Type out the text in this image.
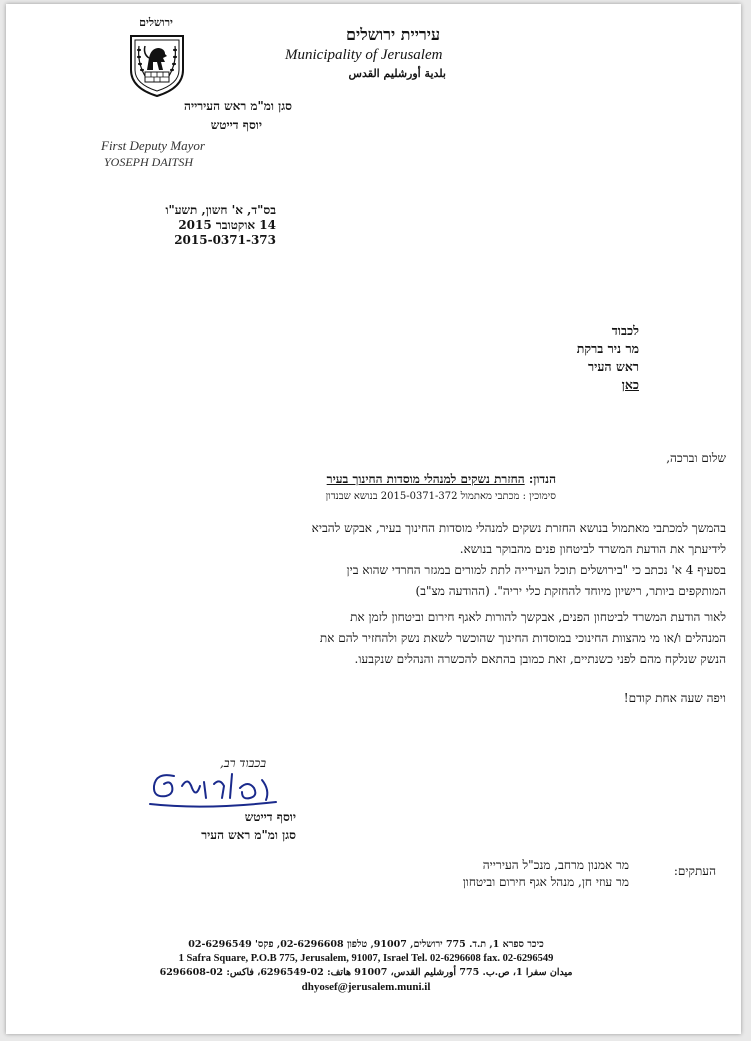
ירושלים
עיריית ירושלים
Municipality of Jerusalem
بلدية أورشليم القدس
סגן ומ"מ ראש העירייה
יוסף דייטש
First Deputy Mayor
YOSEPH DAITSH
בס"ד, א' חשון, תשע"ו
14 אוקטובר 2015
2015-0371-373
לכבוד
מר ניר ברקת
ראש העיר
כאן
שלום וברכה,
הנדון: החזרת נשקים למנהלי מוסדות החינוך בעיר
סימוכין : מכתבי מאתמול 2015-0371-372 בנושא שבנדון
בהמשך למכתבי מאתמול בנושא החזרת נשקים למנהלי מוסדות החינוך בעיר, אבקש להביא
לידיעתך את הודעת המשרד לביטחון פנים מהבוקר בנושא.
בסעיף 4 א' נכתב כי "בירושלים תוכל העירייה לתת למורים במגזר החרדי שהוא בין
המותקפים ביותר, רישיון מיוחד להחזקת כלי יריה". (ההודעה מצ"ב)
לאור הודעת המשרד לביטחון הפנים, אבקשך להורות לאגף חירום וביטחון לזמן את
המנהלים ו/או מי מהצוות החינוכי במוסדות החינוך שהוכשר לשאת נשק ולהחזיר להם את
הנשק שנלקח מהם לפני כשנתיים, זאת כמובן בהתאם להכשרה והנהלים שנקבעו.
ויפה שעה אחת קודם!
בכבוד רב,
יוסף דייטש
סגן ומ"מ ראש העיר
העתקים:
מר אמנון מרחב, מנכ"ל העירייה
מר עוזי חן, מנהל אגף חירום וביטחון
כיכר ספרא 1, ת.ד. 775 ירושלים, 91007, טלפון 02-6296608, פקס' 02-6296549
1 Safra Square, P.O.B 775, Jerusalem, 91007, Israel Tel. 02-6296608 fax. 02-6296549
ميدان سفرا 1، ص.ب. 775 أورشليم القدس، 91007 هاتف: 02-6296549، فاكس: 02-6296608
dhyosef@jerusalem.muni.il
